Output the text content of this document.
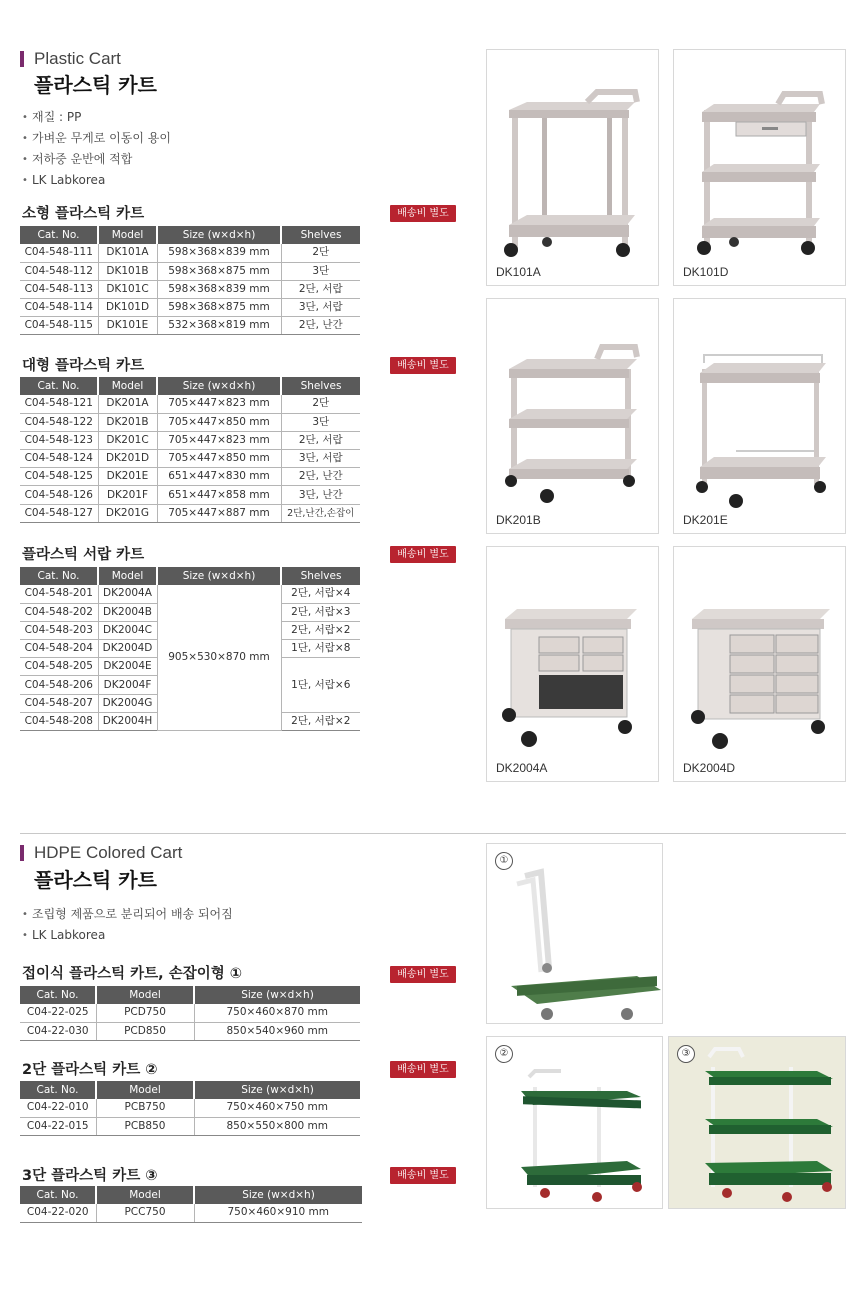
Plastic Cart
플라스틱 카트
• 재질 : PP
• 가벼운 무게로 이동이 용이
• 저하중 운반에 적합
• LK Labkorea
소형 플라스틱 카트	배송비 별도
Cat. No.	Model	Size (w×d×h)	Shelves
C04-548-111	DK101A	598×368×839 mm	2단
C04-548-112	DK101B	598×368×875 mm	3단
C04-548-113	DK101C	598×368×839 mm	2단, 서랍
C04-548-114	DK101D	598×368×875 mm	3단, 서랍
C04-548-115	DK101E	532×368×819 mm	2단, 난간
대형 플라스틱 카트	배송비 별도
Cat. No.	Model	Size (w×d×h)	Shelves
C04-548-121	DK201A	705×447×823 mm	2단
C04-548-122	DK201B	705×447×850 mm	3단
C04-548-123	DK201C	705×447×823 mm	2단, 서랍
C04-548-124	DK201D	705×447×850 mm	3단, 서랍
C04-548-125	DK201E	651×447×830 mm	2단, 난간
C04-548-126	DK201F	651×447×858 mm	3단, 난간
C04-548-127	DK201G	705×447×887 mm	2단,난간,손잡이
플라스틱 서랍 카트	배송비 별도
Cat. No.	Model	Size (w×d×h)	Shelves
C04-548-201	DK2004A	905×530×870 mm	2단, 서랍×4
C04-548-202	DK2004B		2단, 서랍×3
C04-548-203	DK2004C		2단, 서랍×2
C04-548-204	DK2004D		1단, 서랍×8
C04-548-205	DK2004E		1단, 서랍×6
C04-548-206	DK2004F		
C04-548-207	DK2004G		
C04-548-208	DK2004H		2단, 서랍×2
DK101A	DK101D
DK201B	DK201E
DK2004A	DK2004D
HDPE Colored Cart
플라스틱 카트
• 조립형 제품으로 분리되어 배송 되어짐
• LK Labkorea
접이식 플라스틱 카트, 손잡이형 ①	배송비 별도
Cat. No.	Model	Size (w×d×h)
C04-22-025	PCD750	750×460×870 mm
C04-22-030	PCD850	850×540×960 mm
2단 플라스틱 카트 ②	배송비 별도
Cat. No.	Model	Size (w×d×h)
C04-22-010	PCB750	750×460×750 mm
C04-22-015	PCB850	850×550×800 mm
3단 플라스틱 카트 ③	배송비 별도
Cat. No.	Model	Size (w×d×h)
C04-22-020	PCC750	750×460×910 mm
①
②	③
